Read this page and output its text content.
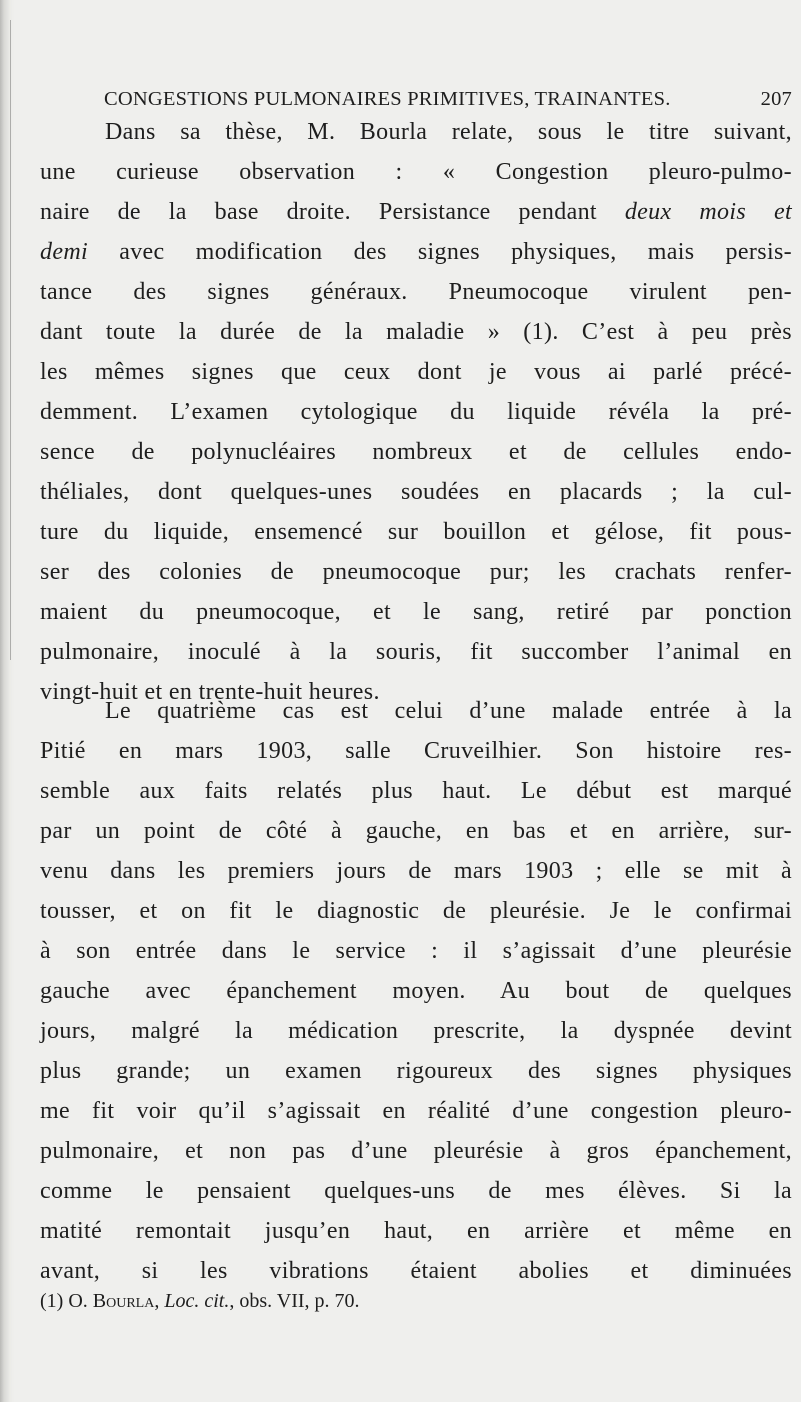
CONGESTIONS PULMONAIRES PRIMITIVES, TRAINANTES.	207
Dans sa thèse, M. Bourla relate, sous le titre suivant,
une curieuse observation : « Congestion pleuro-pulmo-
naire de la base droite. Persistance pendant deux mois et
demi avec modification des signes physiques, mais persis-
tance des signes généraux. Pneumocoque virulent pen-
dant toute la durée de la maladie » (1). C’est à peu près
les mêmes signes que ceux dont je vous ai parlé précé-
demment. L’examen cytologique du liquide révéla la pré-
sence de polynucléaires nombreux et de cellules endo-
théliales, dont quelques-unes soudées en placards ; la cul-
ture du liquide, ensemencé sur bouillon et gélose, fit pous-
ser des colonies de pneumocoque pur; les crachats renfer-
maient du pneumocoque, et le sang, retiré par ponction
pulmonaire, inoculé à la souris, fit succomber l’animal en
vingt-huit et en trente-huit heures.
Le quatrième cas est celui d’une malade entrée à la
Pitié en mars 1903, salle Cruveilhier. Son histoire res-
semble aux faits relatés plus haut. Le début est marqué
par un point de côté à gauche, en bas et en arrière, sur-
venu dans les premiers jours de mars 1903 ; elle se mit à
tousser, et on fit le diagnostic de pleurésie. Je le confirmai
à son entrée dans le service : il s’agissait d’une pleurésie
gauche avec épanchement moyen. Au bout de quelques
jours, malgré la médication prescrite, la dyspnée devint
plus grande; un examen rigoureux des signes physiques
me fit voir qu’il s’agissait en réalité d’une congestion pleuro-
pulmonaire, et non pas d’une pleurésie à gros épanchement,
comme le pensaient quelques-uns de mes élèves. Si la
matité remontait jusqu’en haut, en arrière et même en
avant, si les vibrations étaient abolies et diminuées
(1) O. Bourla, Loc. cit., obs. VII, p. 70.
